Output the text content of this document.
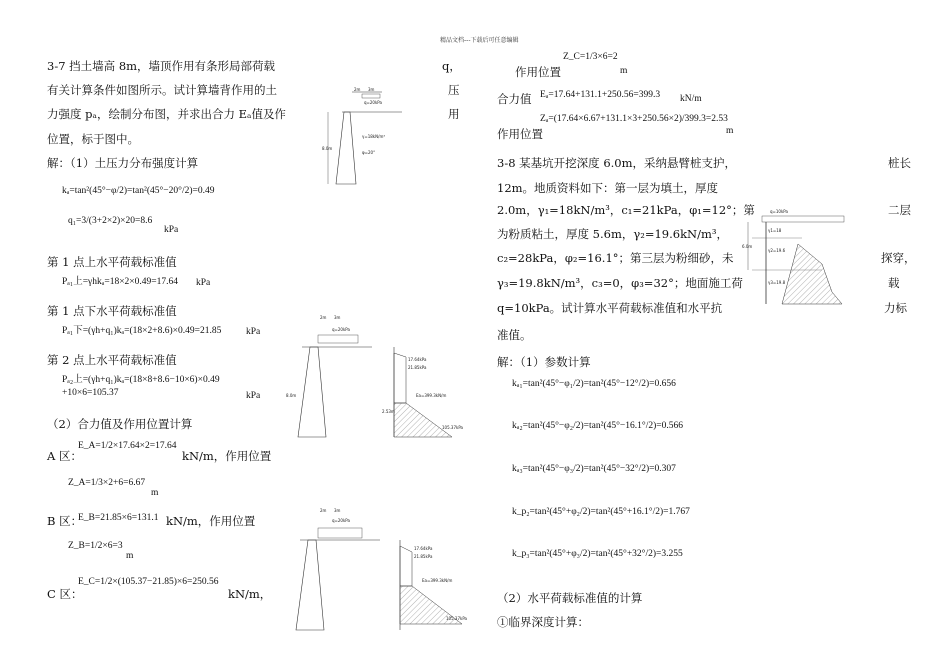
精品文档---下载后可任意编辑
3-7 挡土墙高 8m，墙顶作用有条形局部荷载	q，
有关计算条件如图所示。试计算墙背作用的土	压
力强度 pₐ，绘制分布图，并求出合力 Eₐ值及作	用
位置，标于图中。
解：（1）土压力分布强度计算
kₐ=tan²(45°−φ/2)=tan²(45°−20°/2)=0.49
q₁=3/(3+2×2)×20=8.6
kPa
第 1 点上水平荷载标准值
Pₐ₁上=γhkₐ=18×2×0.49=17.64 kPa
第 1 点下水平荷载标准值
Pₐ₁下=(γh+q₁)kₐ=(18×2+8.6)×0.49=21.85	kPa
第 2 点上水平荷载标准值
Pₐ₂上=(γh+q₁)kₐ=(18×8+8.6−10×6)×0.49
+10×6=105.37	kPa
（2）合力值及作用位置计算
A 区：
E_A=1/2×17.64×2=17.64
kN/m，作用位置
Z_A=1/3×2+6=6.67
m
B 区：
E_B=21.85×6=131.1 kN/m，作用位置
Z_B=1/2×6=3
m
C 区：
E_C=1/2×(105.37−21.85)×6=250.56
kN/m，
作用位置
Z_C=1/3×6=2
m
合力值 Eₐ=17.64+131.1+250.56=399.3 kN/m
作用位置
Zₐ=(17.64×6.67+131.1×3+250.56×2)/399.3=2.53
m
3-8 某基坑开挖深度 6.0m，采纳悬臂桩支护，	桩长
12m。地质资料如下：第一层为填土，厚度
2.0m，γ₁=18kN/m³，c₁=21kPa，φ₁=12°；第	二层
为粉质粘土，厚度 5.6m，γ₂=19.6kN/m³，
c₂=28kPa，φ₂=16.1°；第三层为粉细砂，未	探穿，
γ₃=19.8kN/m³，c₃=0，φ₃=32°；地面施工荷	载
q=10kPa。试计算水平荷载标准值和水平抗	力标
准值。
解：（1）参数计算
kₐ₁=tan²(45°−φ₁/2)=tan²(45°−12°/2)=0.656
kₐ₂=tan²(45°−φ₂/2)=tan²(45°−16.1°/2)=0.566
kₐ₃=tan²(45°−φ₃/2)=tan²(45°−32°/2)=0.307
k_p₂=tan²(45°+φ₂/2)=tan²(45°+16.1°/2)=1.767
k_p₃=tan²(45°+φ₃/2)=tan²(45°+32°/2)=3.255
（2）水平荷载标准值的计算
①临界深度计算：
2m 3m
q=20kPa
γ=18kN/m³
φ=20°
8.0m
2m 3m
q=20kPa
8.0m
17.64kPa
21.85kPa
Ea=399.3kN/m
105.37kPa
2.53m
2m 3m
q=20kPa
17.64kPa
21.85kPa
Ea=399.3kN/m
105.37kPa
q=10kPa
γ1=18
γ2=19.6
γ3=19.8
6.0m
